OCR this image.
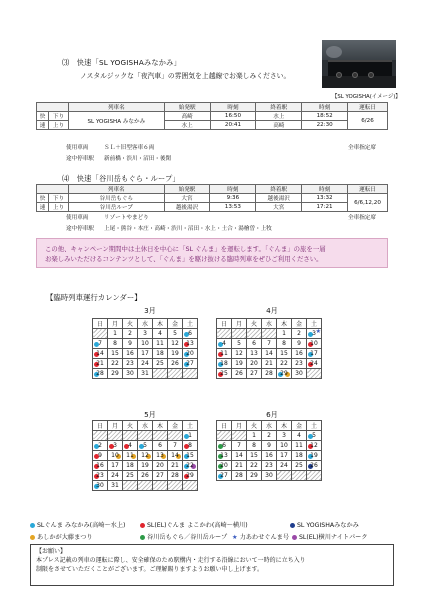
⑶　快速「SL YOGISHAみなかみ」
ノスタルジックな「夜汽車」の雰囲気を上越線でお楽しみください。
【SL YOGISHA(イメージ)】
		列車名	始発駅	時刻	終着駅	時刻	運転日
快	下り	SL YOGISHA みなかみ	高崎	16:50	水上	18:52	6/26
速	上り		水上	20:41	高崎	22:30	
使用車両	ＳＬ＋旧型客車６両	全車指定席
途中停車駅 新前橋・渋川・沼田・後閑
⑷　快速「谷川岳もぐら・ループ」
		列車名	始発駅	時刻	終着駅	時刻	運転日
快	下り	谷川岳もぐら	大宮	9:36	越後湯沢	13:32	6/6,12,20
速	上り	谷川岳ループ	越後湯沢	13:53	大宮	17:21	
使用車両	リゾートやまどり	全車指定席
途中停車駅 上尾・熊谷・本庄・高崎・渋川・沼田・水上・土合・湯檜曽・上牧
この他、キャンペーン期間中は土休日を中心に「SL ぐんま」を運転します。「ぐんま」の旅を一層
お楽しみいただけるコンテンツとして、「ぐんま」を駆け抜ける臨時列車をぜひご利用ください。
【臨時列車運行カレンダー】
3月	4月
5月	6月
日	月	火	水	木	金	土
	1	2	3	4	5	6

7	8	9	10	11	12	13

14	15	16	17	18	19	20

21	22	23	24	25	26	27

28	29	30	31			
日	月	火	水	木	金	土
				1	2	3 ★

4	5	6	7	8	9	10

11	12	13	14	15	16	17

18	19	20	21	22	23	24

25	26	27	28	29	30	
日	月	火	水	木	金	土
						1

2	3	4	5	6	7	8

9	10	11	12	13	14	15

16	17	18	19	20	21	22

23	24	25	26	27	28	29

30	31					
日	月	火	水	木	金	土
		1	2	3	4	5

6	7	8	9	10	11	12

13	14	15	16	17	18	19

20	21	22	23	24	25	26

27	28	29	30			
SLぐんま みなかみ(高崎～水上)	SL(EL)ぐんま よこかわ(高崎～横川)	SL YOGISHAみなかみ
あしかが大藤まつり	谷川岳もぐら／谷川岳ループ ★ 力あわせぐんま号	SL(EL)横川ナイトパーク
【お願い】
本プレス記載の列車の運転に際し、安全確保のため駅構内・走行する沿線において一時的に立ち入り
制限をさせていただくことがございます。ご理解賜りますようお願い申し上げます。
